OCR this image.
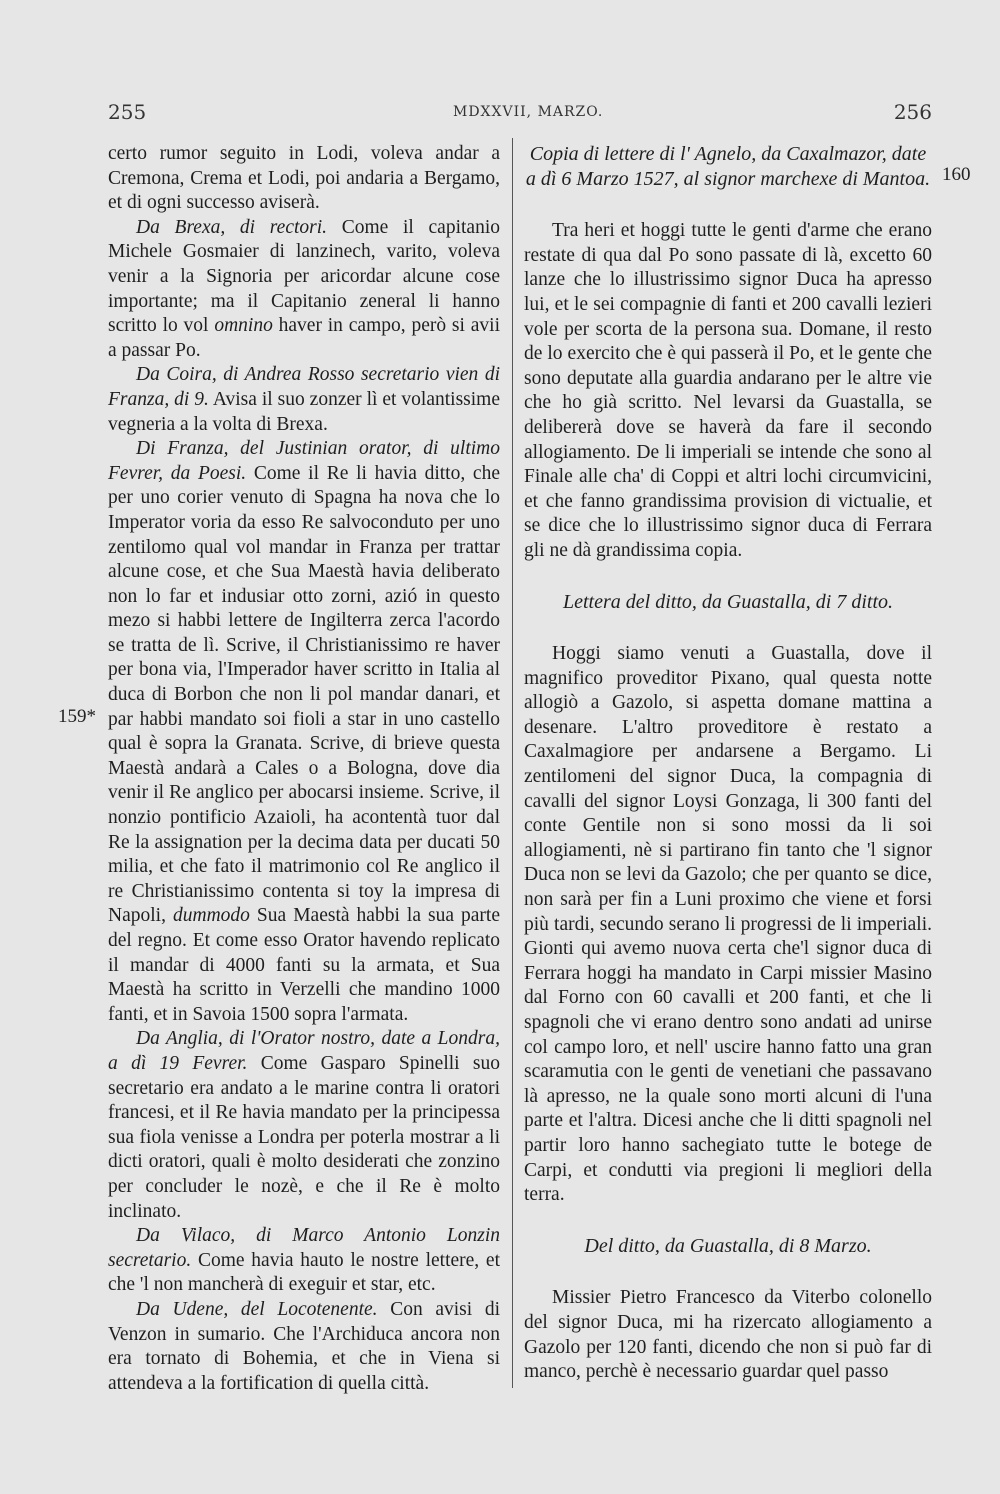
255	MDXXVII, MARZO.	256
159*
160

certo rumor seguito in Lodi, voleva andar a Cremona, Crema et Lodi, poi andaria a Bergamo, et di ogni successo aviserà.

Da Brexa, di rectori. Come il capitanio Michele Gosmaier di lanzinech, varito, voleva venir a la Signoria per aricordar alcune cose importante; ma il Capitanio zeneral li hanno scritto lo vol omnino haver in campo, però si avii a passar Po.

Da Coira, di Andrea Rosso secretario vien di Franza, di 9. Avisa il suo zonzer lì et volantissime vegneria a la volta di Brexa.

Di Franza, del Justinian orator, di ultimo Fevrer, da Poesi. Come il Re li havia ditto, che per uno corier venuto di Spagna ha nova che lo Imperator voria da esso Re salvoconduto per uno zentilomo qual vol mandar in Franza per trattar alcune cose, et che Sua Maestà havia deliberato non lo far et indusiar otto zorni, azió in questo mezo si habbi lettere de Ingilterra zerca l'acordo se tratta de lì. Scrive, il Christianissimo re haver per bona via, l'Imperador haver scritto in Italia al duca di Borbon che non li pol mandar danari, et par habbi mandato soi fioli a star in uno castello qual è sopra la Granata. Scrive, di brieve questa Maestà andarà a Cales o a Bologna, dove dia venir il Re anglico per abocarsi insieme. Scrive, il nonzio pontificio Azaioli, ha acontentà tuor dal Re la assignation per la decima data per ducati 50 milia, et che fato il matrimonio col Re anglico il re Christianissimo contenta si toy la impresa di Napoli, dummodo Sua Maestà habbi la sua parte del regno. Et come esso Orator havendo replicato il mandar di 4000 fanti su la armata, et Sua Maestà ha scritto in Verzelli che mandino 1000 fanti, et in Savoia 1500 sopra l'armata.

Da Anglia, di l'Orator nostro, date a Londra, a dì 19 Fevrer. Come Gasparo Spinelli suo secretario era andato a le marine contra li oratori francesi, et il Re havia mandato per la principessa sua fiola venisse a Londra per poterla mostrar a li dicti oratori, quali è molto desiderati che zonzino per concluder le nozè, e che il Re è molto inclinato.

Da Vilaco, di Marco Antonio Lonzin secretario. Come havia hauto le nostre lettere, et che 'l non mancherà di exeguir et star, etc.

Da Udene, del Locotenente. Con avisi di Venzon in sumario. Che l'Archiduca ancora non era tornato di Bohemia, et che in Viena si attendeva a la fortification di quella città.

Copia di lettere di l' Agnelo, da Caxalmazor, date a dì 6 Marzo 1527, al signor marchexe di Mantoa.

Tra heri et hoggi tutte le genti d'arme che erano restate di qua dal Po sono passate di là, excetto 60 lanze che lo illustrissimo signor Duca ha apresso lui, et le sei compagnie di fanti et 200 cavalli lezieri vole per scorta de la persona sua. Domane, il resto de lo exercito che è qui passerà il Po, et le gente che sono deputate alla guardia andarano per le altre vie che ho già scritto. Nel levarsi da Guastalla, se delibererà dove se haverà da fare il secondo allogiamento. De li imperiali se intende che sono al Finale alle cha' di Coppi et altri lochi circumvicini, et che fanno grandissima provision di victualie, et se dice che lo illustrissimo signor duca di Ferrara gli ne dà grandissima copia.

Lettera del ditto, da Guastalla, di 7 ditto.

Hoggi siamo venuti a Guastalla, dove il magnifico proveditor Pixano, qual questa notte allogiò a Gazolo, si aspetta domane mattina a desenare. L'altro proveditore è restato a Caxalmagiore per andarsene a Bergamo. Li zentilomeni del signor Duca, la compagnia di cavalli del signor Loysi Gonzaga, li 300 fanti del conte Gentile non si sono mossi da li soi allogiamenti, nè si partirano fin tanto che 'l signor Duca non se levi da Gazolo; che per quanto se dice, non sarà per fin a Luni proximo che viene et forsi più tardi, secundo serano li progressi de li imperiali. Gionti qui avemo nuova certa che'l signor duca di Ferrara hoggi ha mandato in Carpi missier Masino dal Forno con 60 cavalli et 200 fanti, et che li spagnoli che vi erano dentro sono andati ad unirse col campo loro, et nell' uscire hanno fatto una gran scaramutia con le genti de venetiani che passavano là apresso, ne la quale sono morti alcuni di l'una parte et l'altra. Dicesi anche che li ditti spagnoli nel partir loro hanno sachegiato tutte le botege de Carpi, et condutti via pregioni li megliori della terra.

Del ditto, da Guastalla, di 8 Marzo.

Missier Pietro Francesco da Viterbo colonello del signor Duca, mi ha rizercato allogiamento a Gazolo per 120 fanti, dicendo che non si può far di manco, perchè è necessario guardar quel passo
